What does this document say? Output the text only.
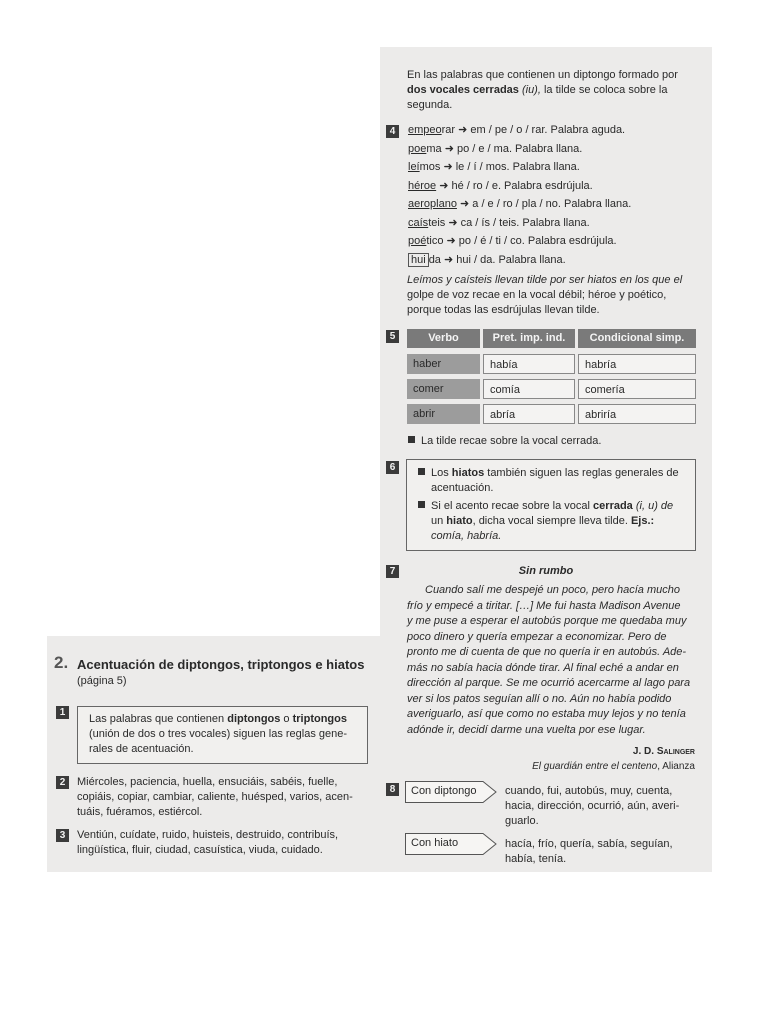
2. Acentuación de diptongos, triptongos e hiatos
(página 5)
1
Las palabras que contienen diptongos o triptongos
(unión de dos o tres vocales) siguen las reglas gene-
rales de acentuación.
2	Miércoles, paciencia, huella, ensuciáis, sabéis, fuelle,
copiáis, copiar, cambiar, caliente, huésped, varios, acen-
tuáis, fuéramos, estiércol.
3	Ventiún, cuídate, ruido, huisteis, destruido, contribuís,
lingüística, fluir, ciudad, casuística, viuda, cuidado.
En las palabras que contienen un diptongo formado por
dos vocales cerradas (iu), la tilde se coloca sobre la
segunda.
4	empeorar ➜ em / pe / o / rar. Palabra aguda.
poema ➜ po / e / ma. Palabra llana.
leímos ➜ le / í / mos. Palabra llana.
héroe ➜ hé / ro / e. Palabra esdrújula.
aeroplano ➜ a / e / ro / pla / no. Palabra llana.
caísteis ➜ ca / ís / teis. Palabra llana.
poético ➜ po / é / ti / co. Palabra esdrújula.
hui da ➜ hui / da. Palabra llana.
Leímos y caísteis llevan tilde por ser hiatos en los que el
golpe de voz recae en la vocal débil; héroe y poético,
porque todas las esdrújulas llevan tilde.
5	Verbo	Pret. imp. ind.	Condicional simp.
haber	había	habría
comer	comía	comería
abrir	abría	abriría
La tilde recae sobre la vocal cerrada.
6	Los hiatos también siguen las reglas generales de
acentuación.
Si el acento recae sobre la vocal cerrada (i, u) de
un hiato, dicha vocal siempre lleva tilde. Ejs.:
comía, habría.
7	Sin rumbo
Cuando salí me despejé un poco, pero hacía mucho
frío y empecé a tiritar. […] Me fui hasta Madison Avenue
y me puse a esperar el autobús porque me quedaba muy
poco dinero y quería empezar a economizar. Pero de
pronto me di cuenta de que no quería ir en autobús. Ade-
más no sabía hacia dónde tirar. Al final eché a andar en
dirección al parque. Se me ocurrió acercarme al lago para
ver si los patos seguían allí o no. Aún no había podido
averiguarlo, así que como no estaba muy lejos y no tenía
adónde ir, decidí darme una vuelta por ese lugar.
J. D. Salinger
El guardián entre el centeno, Alianza
8	Con diptongo	cuando, fui, autobús, muy, cuenta,
hacia, dirección, ocurrió, aún, averi-
guarlo.
Con hiato	hacía, frío, quería, sabía, seguían,
había, tenía.
